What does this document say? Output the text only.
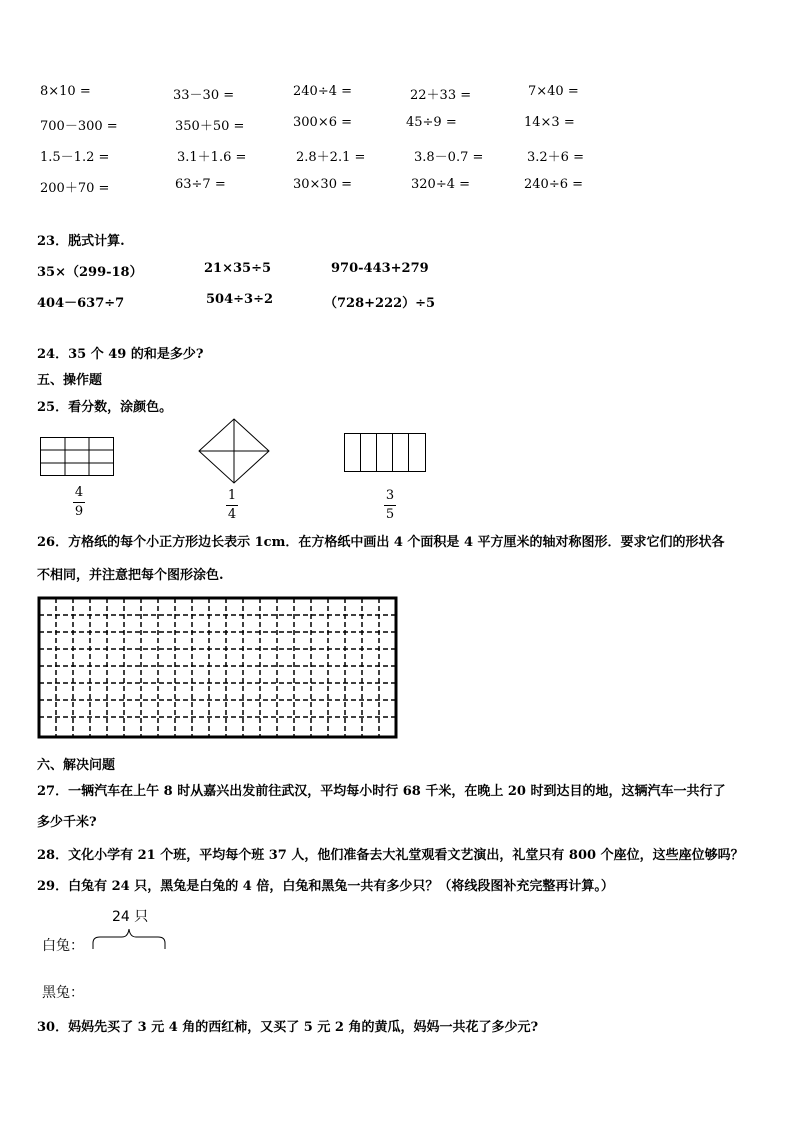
8×10 =	33－30 =	240÷4 =	22＋33 =	7×40 =
700－300 =	350＋50 =	300×6 =	45÷9 =	14×3 =
1.5－1.2 =	3.1＋1.6 =	2.8＋2.1 =	3.8－0.7 =	3.2＋6 =
200＋70 =	63÷7 =	30×30 =	320÷4 =	240÷6 =
23．脱式计算.
35×（299-18）	21×35÷5	970-443+279
404－637÷7	504÷3÷2	（728+222）÷5
24．35 个 49 的和是多少?
五、操作题
25．看分数，涂颜色。
4
9
1
4
3
5
26．方格纸的每个小正方形边长表示 1cm．在方格纸中画出 4 个面积是 4 平方厘米的轴对称图形．要求它们的形状各
不相同，并注意把每个图形涂色.
六、解决问题
27．一辆汽车在上午 8 时从嘉兴出发前往武汉，平均每小时行 68 千米，在晚上 20 时到达目的地，这辆汽车一共行了
多少千米?
28．文化小学有 21 个班，平均每个班 37 人，他们准备去大礼堂观看文艺演出，礼堂只有 800 个座位，这些座位够吗？
29．白兔有 24 只，黑兔是白兔的 4 倍，白兔和黑兔一共有多少只？（将线段图补充完整再计算。）
24 只
白兔：
黑兔：
30．妈妈先买了 3 元 4 角的西红柿，又买了 5 元 2 角的黄瓜，妈妈一共花了多少元?
